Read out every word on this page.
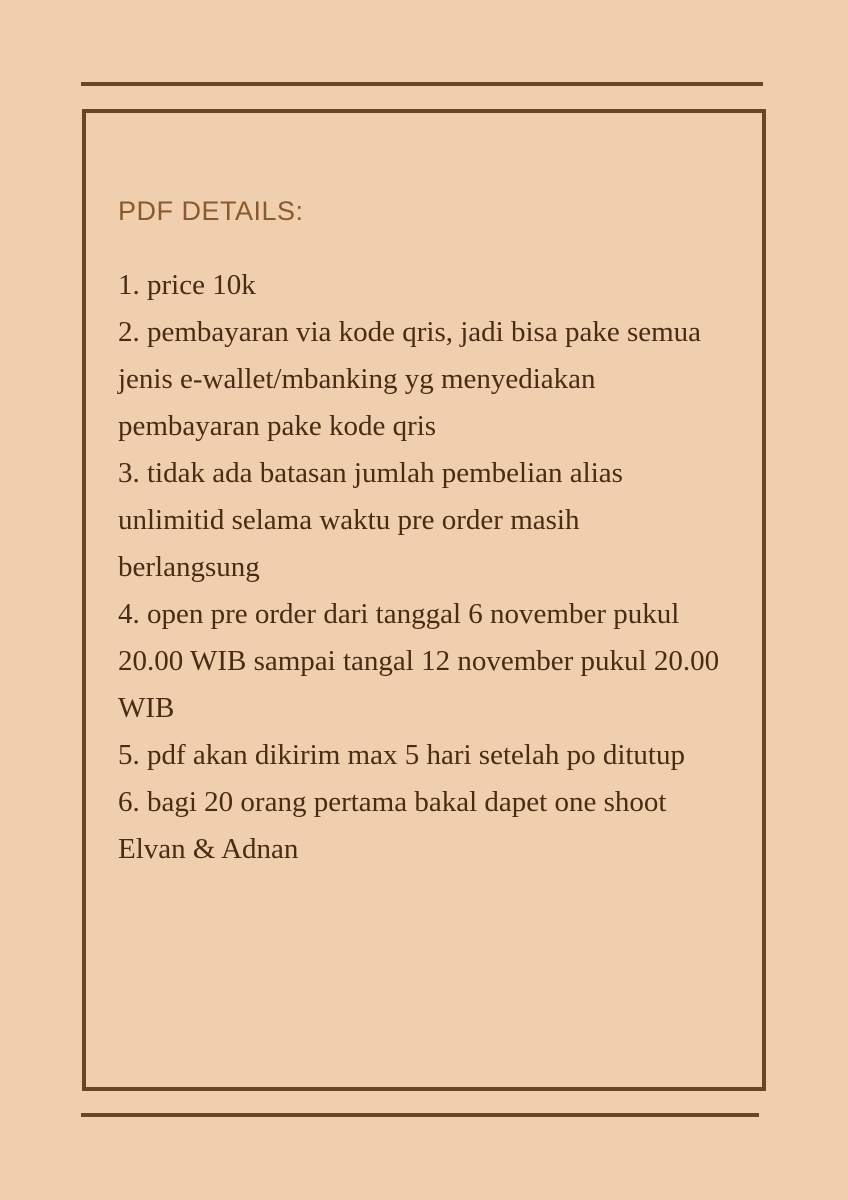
PDF DETAILS:
1. price 10k
2. pembayaran via kode qris, jadi bisa pake semua jenis e-wallet/mbanking yg menyediakan pembayaran pake kode qris
3. tidak ada batasan jumlah pembelian alias unlimitid selama waktu pre order masih berlangsung
4. open pre order dari tanggal 6 november pukul 20.00 WIB sampai tangal 12 november pukul 20.00 WIB
5. pdf akan dikirim max 5 hari setelah po ditutup
6. bagi 20 orang pertama bakal dapet one shoot Elvan & Adnan
